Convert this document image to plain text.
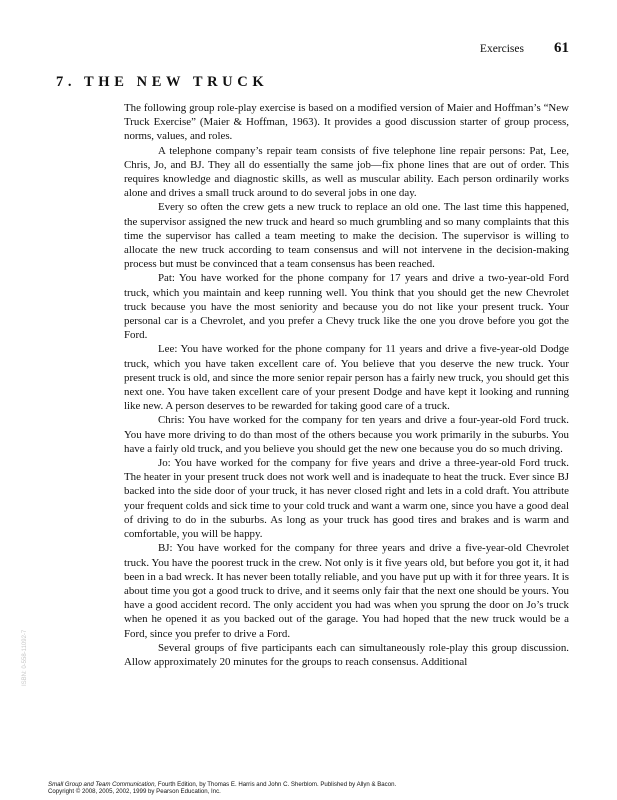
Exercises 61
7. THE NEW TRUCK

The following group role-play exercise is based on a modified version of Maier and Hoffman’s “New Truck Exercise” (Maier & Hoffman, 1963). It provides a good discussion starter of group process, norms, values, and roles.

A telephone company’s repair team consists of five telephone line repair persons: Pat, Lee, Chris, Jo, and BJ. They all do essentially the same job—fix phone lines that are out of order. This requires knowledge and diagnostic skills, as well as muscular ability. Each person ordinarily works alone and drives a small truck around to do several jobs in one day.

Every so often the crew gets a new truck to replace an old one. The last time this happened, the supervisor assigned the new truck and heard so much grumbling and so many complaints that this time the supervisor has called a team meeting to make the decision. The supervisor is willing to allocate the new truck according to team consensus and will not intervene in the decision-making process but must be convinced that a team consensus has been reached.

Pat: You have worked for the phone company for 17 years and drive a two-year-old Ford truck, which you maintain and keep running well. You think that you should get the new Chevrolet truck because you have the most seniority and because you do not like your present truck. Your personal car is a Chevrolet, and you prefer a Chevy truck like the one you drove before you got the Ford.

Lee: You have worked for the phone company for 11 years and drive a five-year-old Dodge truck, which you have taken excellent care of. You believe that you deserve the new truck. Your present truck is old, and since the more senior repair person has a fairly new truck, you should get this next one. You have taken excellent care of your present Dodge and have kept it looking and running like new. A person deserves to be rewarded for taking good care of a truck.

Chris: You have worked for the company for ten years and drive a four-year-old Ford truck. You have more driving to do than most of the others because you work primarily in the suburbs. You have a fairly old truck, and you believe you should get the new one because you do so much driving.

Jo: You have worked for the company for five years and drive a three-year-old Ford truck. The heater in your present truck does not work well and is inadequate to heat the truck. Ever since BJ backed into the side door of your truck, it has never closed right and lets in a cold draft. You attribute your frequent colds and sick time to your cold truck and want a warm one, since you have a good deal of driving to do in the suburbs. As long as your truck has good tires and brakes and is warm and comfortable, you will be happy.

BJ: You have worked for the company for three years and drive a five-year-old Chevrolet truck. You have the poorest truck in the crew. Not only is it five years old, but before you got it, it had been in a bad wreck. It has never been totally reliable, and you have put up with it for three years. It is about time you got a good truck to drive, and it seems only fair that the next one should be yours. You have a good accident record. The only accident you had was when you sprung the door on Jo’s truck when he opened it as you backed out of the garage. You had hoped that the new truck would be a Ford, since you prefer to drive a Ford.

Several groups of five participants each can simultaneously role-play this group discussion. Allow approximately 20 minutes for the groups to reach consensus. Additional

ISBN: 0-558-11092-7
Small Group and Team Communication, Fourth Edition, by Thomas E. Harris and John C. Sherblom. Published by Allyn & Bacon.
Copyright © 2008, 2005, 2002, 1999 by Pearson Education, Inc.
